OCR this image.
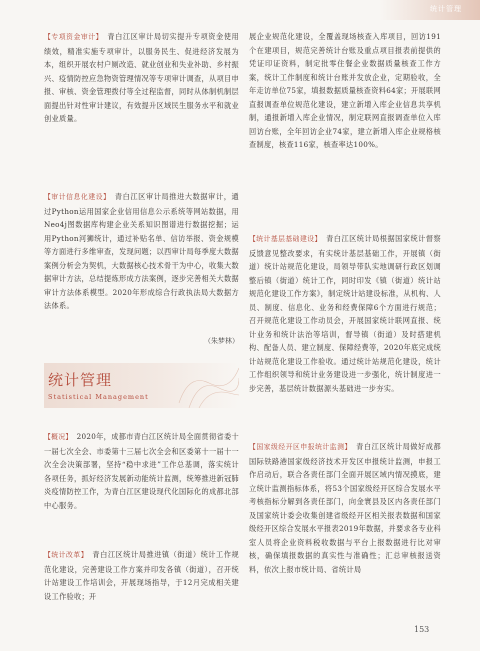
统计管理

【专项资金审计】　青白江区审计局切实提升专项资金使用绩效，精准实施专项审计，以服务民生、促进经济发展为本，组织开展农村户厕改造、就业创业和失业补助、乡村振兴、疫情防控应急物资管理情况等专项审计调查，从项目申报、审核、资金管理拨付等全过程监督，同时从体制机制层面提出针对性审计建议，有效提升区域民生服务水平和就业创业质量。

【审计信息化建设】　青白江区审计局推进大数据审计，通过Python运用国家企业信用信息公示系统等网站数据，用Neo4j图数据库构建企业关系知识图谱进行数据挖掘；运用Python河狮统计，通过补贴名单、信访举报、资金规模等方面进行多维审查，发现问题；以西审计局每季度大数据案例分析会为契机，大数据核心技术骨干为中心，收集大数据审计方法，总结提炼形成方法案例，逐步完善相关大数据审计方法体系模型。2020年形成综合行政执法局大数据方法体系。

（朱梦林）

【概况】　2020年，成都市青白江区统计局全面贯彻省委十一届七次全会、市委第十三届七次全会和区委第十一届十一次全会决策部署，坚持“稳中求进”工作总基调，落实统计各项任务，抓好经济发展新动能统计监测，统筹推进新冠肺炎疫情防控工作，为青白江区建设现代化国际化的成都北部中心服务。

【统计改革】　青白江区统计局推进镇（街道）统计工作规范化建设，完善建设工作方案并印发各镇（街道），召开统计站建设工作培训会，开展现场指导，于12月完成相关建设工作验收；开

统计管理
Statistical Management

展企业规范化建设，全覆盖现场核查入库项目，回访191个在建项目，规范完善统计台账及重点项目报表前提供的凭证印证资料，制定批零住餐企业数据质量核查工作方案，统计工作制度和统计台账并发放企业，定期验收，全年走访单位75家，填报数据质量核查资料64家；开展联网直报调查单位规范化建设，建立新增入库企业信息共享机制，通报新增入库企业情况，制定联网直报调查单位入库回访台账，全年回访企业74家，建立新增入库企业规格核查制度，核查116家，核查率达100%。

【统计基层基础建设】　青白江区统计局根据国家统计督察反馈意见整改要求，有实统计基层基础工作，开展镇（街道）统计站规范化建设，局领导带队实地调研行政区划调整后镇（街道）统计工作，同时印发《镇（街道）统计站规范化建设工作方案》，制定统计站建设标准，从机构、人员、制度、信息化、业务和经费保障6个方面进行规范；召开规范化建设工作动员会，开展国家统计联网直报、统计业务和统计法治等培训，督导镇（街道）及时搭建机构、配备人员、建立制度、保障经费等，2020年底完成统计站规范化建设工作验收。通过统计站规范化建设，统计工作组织领导和统计业务建设进一步强化，统计制度进一步完善，基层统计数据源头基础进一步夯实。

【国家级经开区申报统计监测】　青白江区统计局做好成都国际铁路港国家级经济技术开发区申报统计监测，申报工作启动后，联合各责任部门全面开展区域内情况摸底，建立统计监测指标体系，将53个国家级经开区综合发展水平考核指标分解到各责任部门，向金寰县及区内各责任部门及国家统计委会收集创建省级经开区相关报表数据和国家级经开区综合发展水平报表2019年数据，并要求各专业科室人员将企业资料税收数据与平台上报数据进行比对审核，确保填报数据的真实性与准确性；汇总审核报送资料，依次上报市统计局、省统计局

153
